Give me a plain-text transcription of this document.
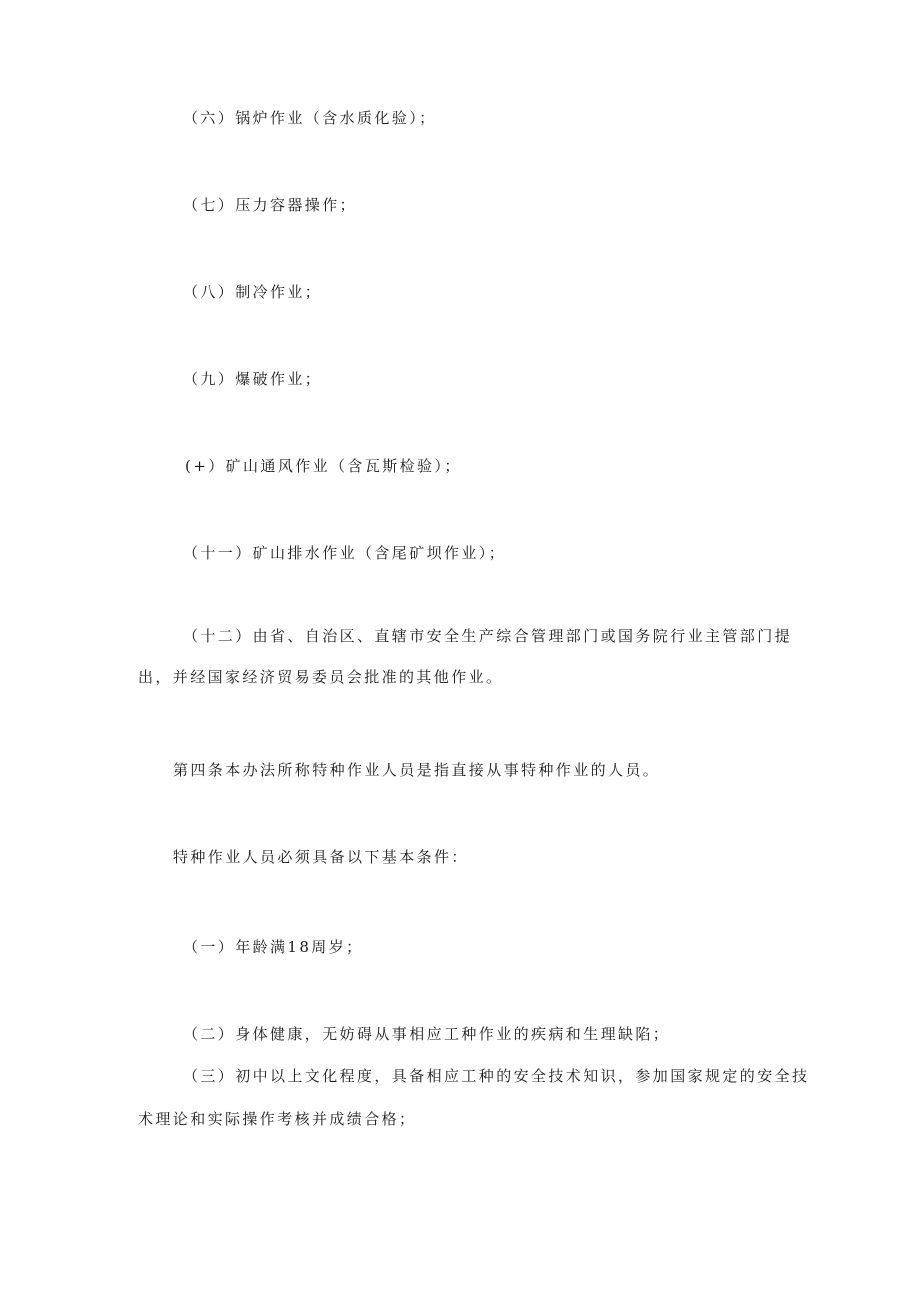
（六）锅炉作业（含水质化验）；
（七）压力容器操作；
（八）制冷作业；
（九）爆破作业；
(+）矿山通风作业（含瓦斯检验）；
（十一）矿山排水作业（含尾矿坝作业）；
（十二）由省、自治区、直辖市安全生产综合管理部门或国务院行业主管部门提
出，并经国家经济贸易委员会批准的其他作业。
第四条本办法所称特种作业人员是指直接从事特种作业的人员。
特种作业人员必须具备以下基本条件：
（一）年龄满18周岁；
（二）身体健康，无妨碍从事相应工种作业的疾病和生理缺陷；
（三）初中以上文化程度，具备相应工种的安全技术知识，参加国家规定的安全技
术理论和实际操作考核并成绩合格；
